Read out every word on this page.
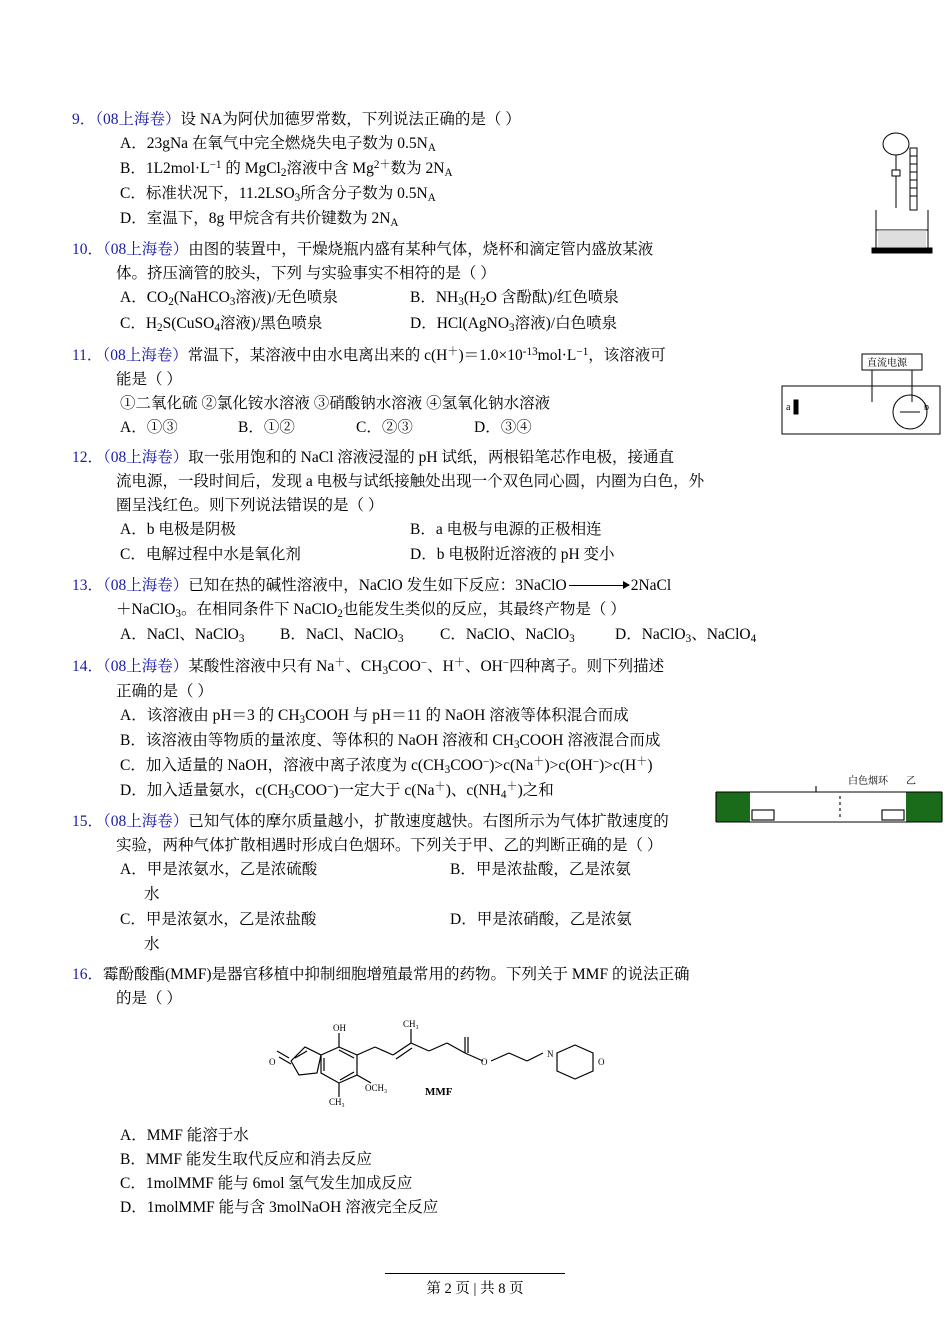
9．（08上海卷）设 NA为阿伏加德罗常数，下列说法正确的是（ ）
A．23gNa 在氧气中完全燃烧失电子数为 $0.5N_A$
B．$1L2mol\cdot L^{-1}$ 的 MgCl$_2$溶液中含 $Mg^{2+}$数为 $2N_A$
C．标准状况下，$11.2LSO_3$所含分子数为 $0.5N_A$
D．室温下，8g 甲烷含有共价键数为 $2N_A$
10．（08上海卷）由图的装置中，干燥烧瓶内盛有某种气体，烧杯和滴定管内盛放某液
体。挤压滴管的胶头，下列 与实验事实不相符的是（ ）
A．$CO_2(NaHCO_3$溶液)/无色喷泉	B．$NH_3(H_2O$ 含酚酞)/红色喷泉
C．$H_2S(CuSO_4$溶液)/黑色喷泉	D．HCl(AgNO$_3$溶液)/白色喷泉
11．（08上海卷）常温下，某溶液中由水电离出来的 $c(H^+)=1.0\times 10^{-13}mol\cdot L^{-1}$，该溶液可
能是（ ）
①二氧化硫 ②氯化铵水溶液 ③硝酸钠水溶液 ④氢氧化钠水溶液
A．①③	B．①②	C．②③	D．③④
12．（08上海卷）取一张用饱和的 NaCl 溶液浸湿的 pH 试纸，两根铅笔芯作电极，接通直
流电源，一段时间后，发现 a 电极与试纸接触处出现一个双色同心圆，内圈为白色，外
圈呈浅红色。则下列说法错误的是（ ）
A．b 电极是阴极	B．a 电极与电源的正极相连
C．电解过程中水是氧化剂	D．b 电极附近溶液的 pH 变小
13．（08上海卷）已知在热的碱性溶液中，NaClO 发生如下反应：3NaClO	2NaCl
＋NaClO$_3$。在相同条件下 NaClO$_2$也能发生类似的反应，其最终产物是（ ）
A．NaCl、NaClO$_3$	B．NaCl、NaClO$_3$	C．NaClO、NaClO$_3$	D．NaClO$_3$、NaClO$_4$
14．（08上海卷）某酸性溶液中只有 Na＋、$CH_3COO^-$、H＋、OH−四种离子。则下列描述
正确的是（ ）
A．该溶液由 pH＝3 的 $CH_3COOH$ 与 pH＝11 的 NaOH 溶液等体积混合而成
B．该溶液由等物质的量浓度、等体积的 NaOH 溶液和 $CH_3COOH$ 溶液混合而成
C．加入适量的 NaOH，溶液中离子浓度为 $c(CH_3COO^-)>c(Na^+)>c(OH^-)>c(H^+)$
D．加入适量氨水，$c(CH_3COO^-)$一定大于 c(Na＋)、$c(NH_4^+)$之和
15．（08上海卷）已知气体的摩尔质量越小，扩散速度越快。右图所示为气体扩散速度的
实验，两种气体扩散相遇时形成白色烟环。下列关于甲、乙的判断正确的是（ ）
A．甲是浓氨水，乙是浓硫酸	B．甲是浓盐酸，乙是浓氨
水
C．甲是浓氨水，乙是浓盐酸	D．甲是浓硝酸，乙是浓氨
水
16．霉酚酸酯(MMF)是器官移植中抑制细胞增殖最常用的药物。下列关于 MMF 的说法正确
的是（ ）
OH	CH₃
O	O
N
O
CH₃
OCH₃	MMF
A．MMF 能溶于水
B．MMF 能发生取代反应和消去反应
C．1molMMF 能与 6mol 氢气发生加成反应
D．1molMMF 能与含 3molNaOH 溶液完全反应
直流电源
a	b
白色烟环 乙
第 2 页 | 共 8 页
